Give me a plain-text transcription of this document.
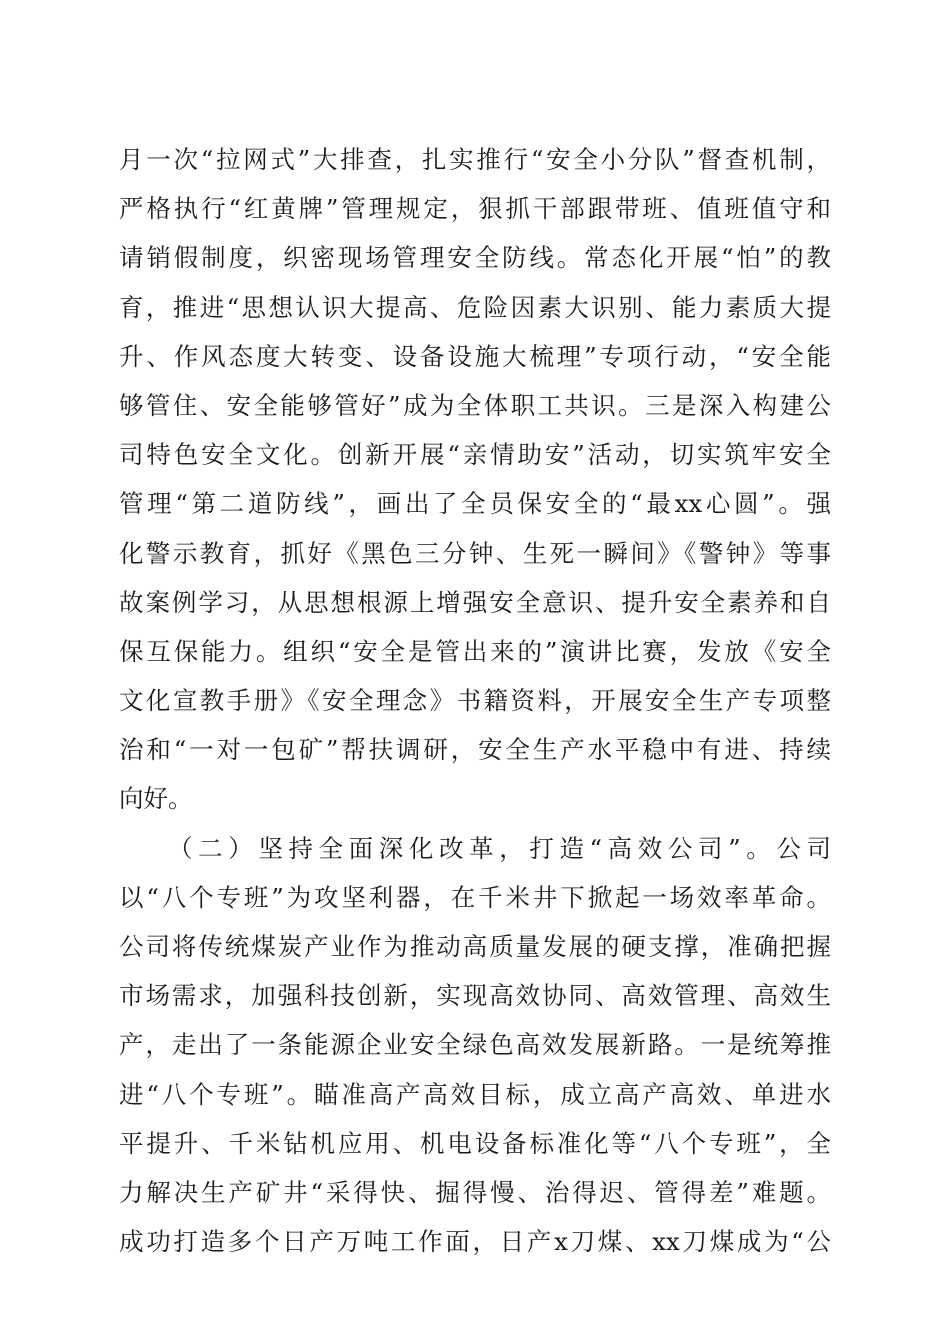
月一次“拉网式”大排查，扎实推行“安全小分队”督查机制，
严格执行“红黄牌”管理规定，狠抓干部跟带班、值班值守和
请销假制度，织密现场管理安全防线。常态化开展“怕”的教
育，推进“思想认识大提高、危险因素大识别、能力素质大提
升、作风态度大转变、设备设施大梳理”专项行动，“安全能
够管住、安全能够管好”成为全体职工共识。三是深入构建公
司特色安全文化。创新开展“亲情助安”活动，切实筑牢安全
管理“第二道防线”，画出了全员保安全的“最xx心圆”。强
化警示教育，抓好《黑色三分钟、生死一瞬间》《警钟》等事
故案例学习，从思想根源上增强安全意识、提升安全素养和自
保互保能力。组织“安全是管出来的”演讲比赛，发放《安全
文化宣教手册》《安全理念》书籍资料，开展安全生产专项整
治和“一对一包矿”帮扶调研，安全生产水平稳中有进、持续
向好。
（二）坚持全面深化改革，打造“高效公司”。公司
以“八个专班”为攻坚利器，在千米井下掀起一场效率革命。
公司将传统煤炭产业作为推动高质量发展的硬支撑，准确把握
市场需求，加强科技创新，实现高效协同、高效管理、高效生
产，走出了一条能源企业安全绿色高效发展新路。一是统筹推
进“八个专班”。瞄准高产高效目标，成立高产高效、单进水
平提升、千米钻机应用、机电设备标准化等“八个专班”，全
力解决生产矿井“采得快、掘得慢、治得迟、管得差”难题。
成功打造多个日产万吨工作面，日产x刀煤、xx刀煤成为“公
